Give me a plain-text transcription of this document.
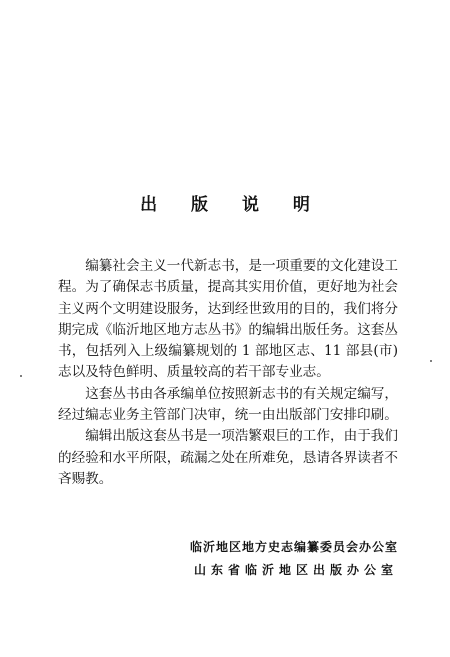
出 版 说 明

编纂社会主义一代新志书，是一项重要的文化建设工程。为了确保志书质量，提高其实用价值，更好地为社会主义两个文明建设服务，达到经世致用的目的，我们将分期完成《临沂地区地方志丛书》的编辑出版任务。这套丛书，包括列入上级编纂规划的 1 部地区志、11 部县(市)志以及特色鲜明、质量较高的若干部专业志。

这套丛书由各承编单位按照新志书的有关规定编写，经过编志业务主管部门决审，统一由出版部门安排印刷。

编辑出版这套丛书是一项浩繁艰巨的工作，由于我们的经验和水平所限，疏漏之处在所难免，恳请各界读者不吝赐教。

临沂地区地方史志编纂委员会办公室
山东省临沂地区出版办公室
